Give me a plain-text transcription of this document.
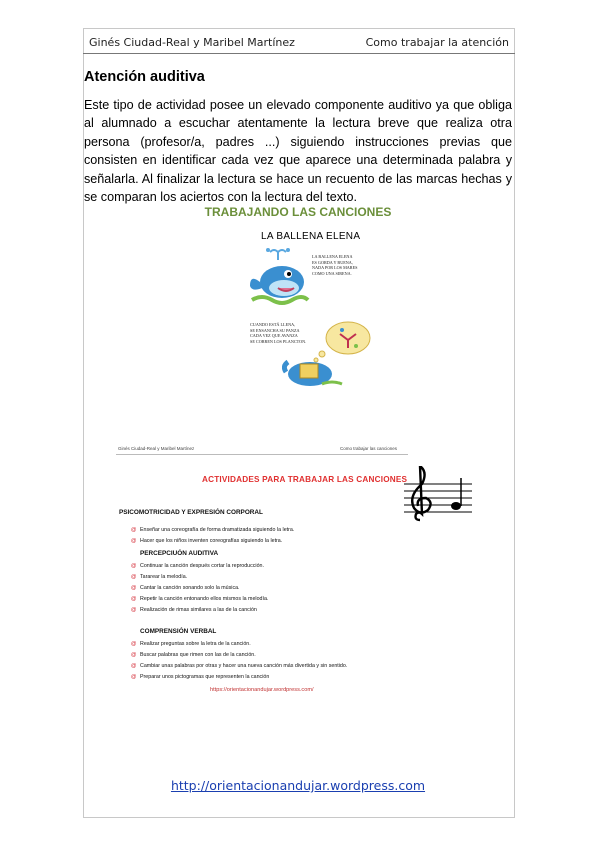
Ginés Ciudad-Real y Maribel Martínez	Como trabajar la atención
Atención auditiva

Este tipo de actividad posee un elevado componente auditivo ya que obliga al alumnado a escuchar atentamente la lectura breve que realiza otra persona (profesor/a, padres ...) siguiendo instrucciones previas que consisten en identificar cada vez que aparece una determinada palabra y señalarla. Al finalizar la lectura se hace un recuento de las marcas hechas y se comparan los aciertos con la lectura del texto.

TRABAJANDO LAS CANCIONES
LA BALLENA ELENA
LA BALLENA ELENA
ES GORDA Y BUENA,
NADA POR LOS MARES
COMO UNA SIRENA.
CUANDO ESTÁ LLENA,
SE ENSANCHA SU PANZA
CADA VEZ QUE AVANZA
SE CORREN LOS PLANCTON.
Ginés Ciudad-Real y Maribel Martínez	Como trabajar las canciones
ACTIVIDADES PARA TRABAJAR LAS CANCIONES
PSICOMOTRICIDAD Y EXPRESIÓN CORPORAL
@ Enseñar una coreografía de forma dramatizada siguiendo la letra.
@ Hacer que los niños inventen coreografías siguiendo la letra.
PERCEPCIUÓN AUDITIVA
@ Continuar la canción después cortar la reproducción.
@ Tararear la melodía.
@ Cantar la canción sonando solo la música.
@ Repetir la canción entonando ellos mismos la melodía.
@ Realización de rimas similares a las de la canción
COMPRENSIÓN VERBAL
@ Realizar preguntas sobre la letra de la canción.
@ Buscar palabras que rimen con las de la canción.
@ Cambiar unas palabras por otras y hacer una nueva canción más divertida y sin sentido.
@ Preparar unos pictogramas que representen la canción
https://orientacionandujar.wordpress.com/
http://orientacionandujar.wordpress.com
